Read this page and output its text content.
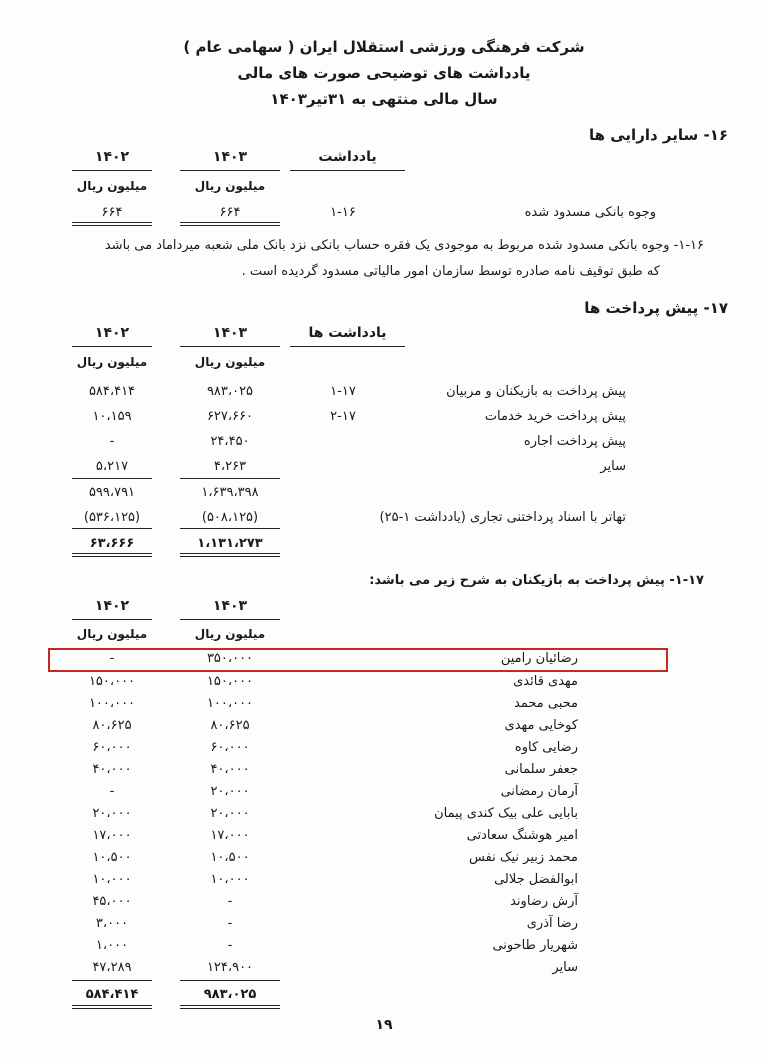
شرکت فرهنگی ورزشی استقلال ایران ( سهامی عام )
یادداشت های توضیحی صورت های مالی
سال مالی منتهی به ۳۱تیر۱۴۰۳
۱۶- سایر دارایی ها
۱۴۰۲	۱۴۰۳	یادداشت
میلیون ریال	میلیون ریال
۶۶۴	۶۶۴	۱-۱۶	وجوه بانکی مسدود شده
۱-۱۶- وجوه بانکی مسدود شده مربوط به موجودی یک فقره حساب بانکی نزد بانک ملی شعبه میرداماد می باشد
که طبق توقیف نامه صادره توسط سازمان امور مالیاتی مسدود گردیده است .
۱۷- پیش پرداخت ها
۱۴۰۲	۱۴۰۳	یادداشت ها
میلیون ریال	میلیون ریال
۵۸۴،۴۱۴	۹۸۳،۰۲۵	۱-۱۷	پیش پرداخت به بازیکنان و مربیان
۱۰،۱۵۹	۶۲۷،۶۶۰	۲-۱۷	پیش پرداخت خرید خدمات
-	۲۴،۴۵۰	پیش پرداخت اجاره
۵،۲۱۷	۴،۲۶۳	سایر
۵۹۹،۷۹۱	۱،۶۳۹،۳۹۸
(۵۳۶،۱۲۵)	(۵۰۸،۱۲۵)	تهاتر با اسناد پرداختنی تجاری (یادداشت ۱-۲۵)
۶۳،۶۶۶	۱،۱۳۱،۲۷۳
۱-۱۷- پیش پرداخت به بازیکنان به شرح زیر می باشد:
۱۴۰۲	۱۴۰۳
میلیون ریال	میلیون ریال
-	۳۵۰،۰۰۰	رضائیان رامین
۱۵۰،۰۰۰	۱۵۰،۰۰۰	مهدی قائدی
۱۰۰،۰۰۰	۱۰۰،۰۰۰	محبی محمد
۸۰،۶۲۵	۸۰،۶۲۵	کوخایی مهدی
۶۰،۰۰۰	۶۰،۰۰۰	رضایی کاوه
۴۰،۰۰۰	۴۰،۰۰۰	جعفر سلمانی
-	۲۰،۰۰۰	آرمان رمضانی
۲۰،۰۰۰	۲۰،۰۰۰	بابایی علی بیک کندی پیمان
۱۷،۰۰۰	۱۷،۰۰۰	امیر هوشنگ سعادتی
۱۰،۵۰۰	۱۰،۵۰۰	محمد زبیر نیک نفس
۱۰،۰۰۰	۱۰،۰۰۰	ابوالفضل جلالی
۴۵،۰۰۰	-	آرش رضاوند
۳،۰۰۰	-	رضا آذری
۱،۰۰۰	-	شهریار طاحونی
۴۷،۲۸۹	۱۲۴،۹۰۰	سایر
۵۸۴،۴۱۴	۹۸۳،۰۲۵
۱۹
